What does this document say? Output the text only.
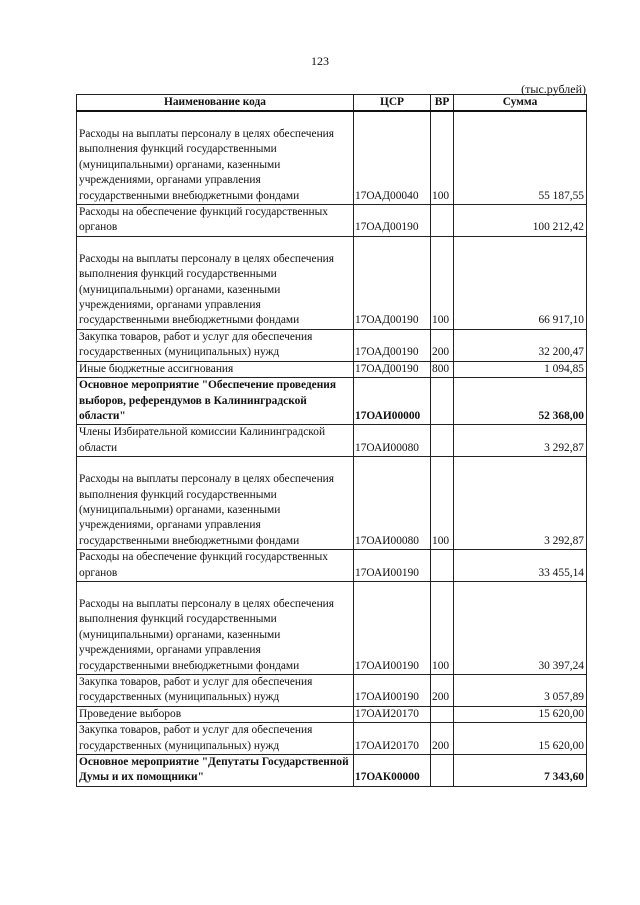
123
(тыс.рублей)
Наименование кода	ЦСР	ВР	Сумма
Расходы на выплаты персоналу в целях обеспечения выполнения функций государственными (муниципальными) органами, казенными учреждениями, органами управления государственными внебюджетными фондами	17ОАД00040	100	55 187,55
Расходы на обеспечение функций государственных органов	17ОАД00190		100 212,42
Расходы на выплаты персоналу в целях обеспечения выполнения функций государственными (муниципальными) органами, казенными учреждениями, органами управления государственными внебюджетными фондами	17ОАД00190	100	66 917,10
Закупка товаров, работ и услуг для обеспечения государственных (муниципальных) нужд	17ОАД00190	200	32 200,47
Иные бюджетные ассигнования	17ОАД00190	800	1 094,85
Основное мероприятие "Обеспечение проведения выборов, референдумов в Калининградской области"	17ОАИ00000		52 368,00
Члены Избирательной комиссии Калининградской области	17ОАИ00080		3 292,87
Расходы на выплаты персоналу в целях обеспечения выполнения функций государственными (муниципальными) органами, казенными учреждениями, органами управления государственными внебюджетными фондами	17ОАИ00080	100	3 292,87
Расходы на обеспечение функций государственных органов	17ОАИ00190		33 455,14
Расходы на выплаты персоналу в целях обеспечения выполнения функций государственными (муниципальными) органами, казенными учреждениями, органами управления государственными внебюджетными фондами	17ОАИ00190	100	30 397,24
Закупка товаров, работ и услуг для обеспечения государственных (муниципальных) нужд	17ОАИ00190	200	3 057,89
Проведение выборов	17ОАИ20170		15 620,00
Закупка товаров, работ и услуг для обеспечения государственных (муниципальных) нужд	17ОАИ20170	200	15 620,00
Основное мероприятие "Депутаты Государственной Думы и их помощники"	17ОАК00000		7 343,60
